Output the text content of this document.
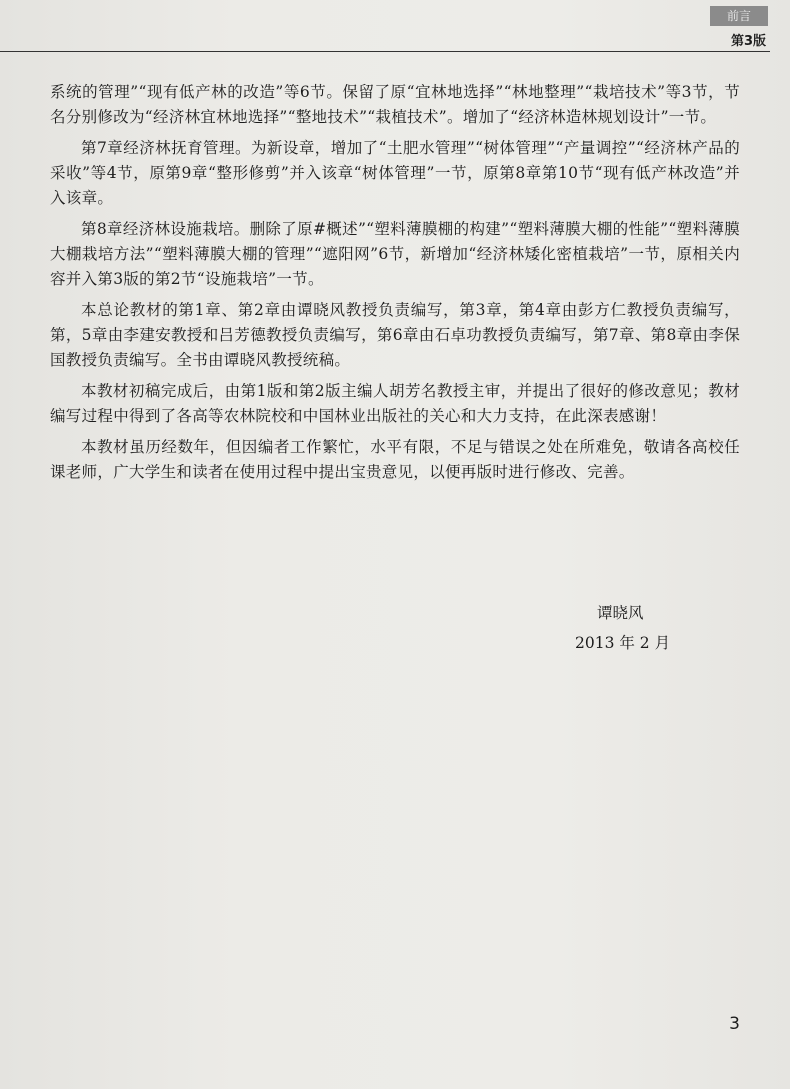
前言
第3版

系统的管理”“现有低产林的改造”等6节。保留了原“宜林地选择”“林地整理”“栽培技术”等3节，节名分别修改为“经济林宜林地选择”“整地技术”“栽植技术”。增加了“经济林造林规划设计”一节。

第7章经济林抚育管理。为新设章，增加了“土肥水管理”“树体管理”“产量调控”“经济林产品的采收”等4节，原第9章“整形修剪”并入该章“树体管理”一节，原第8章第10节“现有低产林改造”并入该章。

第8章经济林设施栽培。删除了原#概述”“塑料薄膜棚的构建”“塑料薄膜大棚的性能”“塑料薄膜大棚栽培方法”“塑料薄膜大棚的管理”“遮阳网”6节，新增加“经济林矮化密植栽培”一节，原相关内容并入第3版的第2节“设施栽培”一节。

本总论教材的第1章、第2章由谭晓风教授负责编写，第3章，第4章由彭方仁教授负责编写，第，5章由李建安教授和吕芳德教授负责编写，第6章由石卓功教授负责编写，第7章、第8章由李保国教授负责编写。全书由谭晓风教授统稿。

本教材初稿完成后，由第1版和第2版主编人胡芳名教授主审，并提出了很好的修改意见；教材编写过程中得到了各高等农林院校和中国林业出版社的关心和大力支持，在此深表感谢！

本教材虽历经数年，但因编者工作繁忙，水平有限，不足与错误之处在所难免，敬请各高校任课老师，广大学生和读者在使用过程中提出宝贵意见，以便再版时进行修改、完善。

谭晓风
2013 年 2 月
3
